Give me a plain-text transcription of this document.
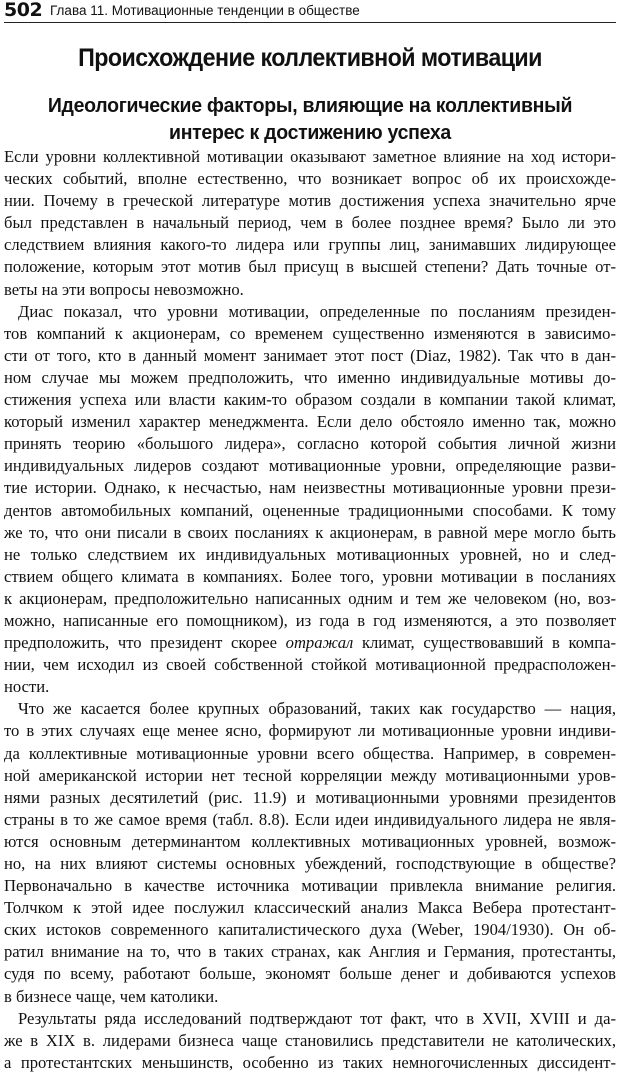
502 Глава 11. Мотивационные тенденции в обществе
Происхождение коллективной мотивации
Идеологические факторы, влияющие на коллективный
интерес к достижению успеха
Если уровни коллективной мотивации оказывают заметное влияние на ход истори-
ческих событий, вполне естественно, что возникает вопрос об их происхожде-
нии. Почему в греческой литературе мотив достижения успеха значительно ярче
был представлен в начальный период, чем в более позднее время? Было ли это
следствием влияния какого-то лидера или группы лиц, занимавших лидирующее
положение, которым этот мотив был присущ в высшей степени? Дать точные от-
веты на эти вопросы невозможно.
Диас показал, что уровни мотивации, определенные по посланиям президен-
тов компаний к акционерам, со временем существенно изменяются в зависимо-
сти от того, кто в данный момент занимает этот пост (Diaz, 1982). Так что в дан-
ном случае мы можем предположить, что именно индивидуальные мотивы до-
стижения успеха или власти каким-то образом создали в компании такой климат,
который изменил характер менеджмента. Если дело обстояло именно так, можно
принять теорию «большого лидера», согласно которой события личной жизни
индивидуальных лидеров создают мотивационные уровни, определяющие разви-
тие истории. Однако, к несчастью, нам неизвестны мотивационные уровни прези-
дентов автомобильных компаний, оцененные традиционными способами. К тому
же то, что они писали в своих посланиях к акционерам, в равной мере могло быть
не только следствием их индивидуальных мотивационных уровней, но и след-
ствием общего климата в компаниях. Более того, уровни мотивации в посланиях
к акционерам, предположительно написанных одним и тем же человеком (но, воз-
можно, написанные его помощником), из года в год изменяются, а это позволяет
предположить, что президент скорее отражал климат, существовавший в компа-
нии, чем исходил из своей собственной стойкой мотивационной предрасположен-
ности.
Что же касается более крупных образований, таких как государство — нация,
то в этих случаях еще менее ясно, формируют ли мотивационные уровни индиви-
да коллективные мотивационные уровни всего общества. Например, в современ-
ной американской истории нет тесной корреляции между мотивационными уров-
нями разных десятилетий (рис. 11.9) и мотивационными уровнями президентов
страны в то же самое время (табл. 8.8). Если идеи индивидуального лидера не явля-
ются основным детерминантом коллективных мотивационных уровней, возмож-
но, на них влияют системы основных убеждений, господствующие в обществе?
Первоначально в качестве источника мотивации привлекла внимание религия.
Толчком к этой идее послужил классический анализ Макса Вебера протестант-
ских истоков современного капиталистического духа (Weber, 1904/1930). Он об-
ратил внимание на то, что в таких странах, как Англия и Германия, протестанты,
судя по всему, работают больше, экономят больше денег и добиваются успехов
в бизнесе чаще, чем католики.
Результаты ряда исследований подтверждают тот факт, что в XVII, XVIII и да-
же в XIX в. лидерами бизнеса чаще становились представители не католических,
а протестантских меньшинств, особенно из таких немногочисленных диссидент-
